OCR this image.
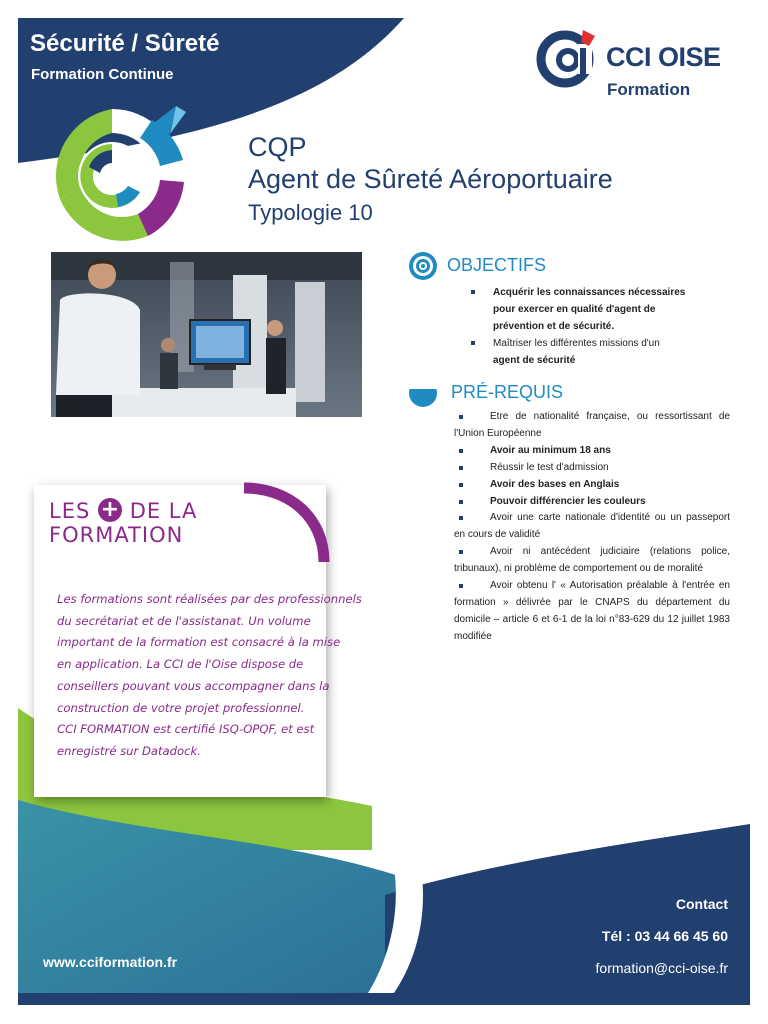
Sécurité / Sûreté
Formation Continue
CCI OISE
Formation
CQP
Agent de Sûreté Aéroportuaire
Typologie 10
OBJECTIFS
Acquérir les connaissances nécessaires
pour exercer en qualité d'agent de
prévention et de sécurité.
Maîtriser les différentes missions d'un
agent de sécurité
PRÉ-REQUIS
Etre de nationalité française, ou ressortissant de l'Union Européenne
Avoir au minimum 18 ans
Réussir le test d'admission
Avoir des bases en Anglais
Pouvoir différencier les couleurs
Avoir une carte nationale d'identité ou un passeport en cours de validité
Avoir ni antécédent judiciaire (relations police, tribunaux), ni problème de comportement ou de moralité
Avoir obtenu l' « Autorisation préalable à l'entrée en formation » délivrée par le CNAPS du département du domicile – article 6 et 6-1 de la loi n°83-629 du 12 juillet 1983 modifiée
LES + DE LA
FORMATION
Les formations sont réalisées par des professionnels
du secrétariat et de l'assistanat. Un volume
important de la formation est consacré à la mise
en application. La CCI de l'Oise dispose de
conseillers pouvant vous accompagner dans la
construction de votre projet professionnel.
CCI FORMATION est certifié ISQ-OPQF, et est
enregistré sur Datadock.
www.cciformation.fr
Contact
Tél : 03 44 66 45 60
formation@cci-oise.fr
